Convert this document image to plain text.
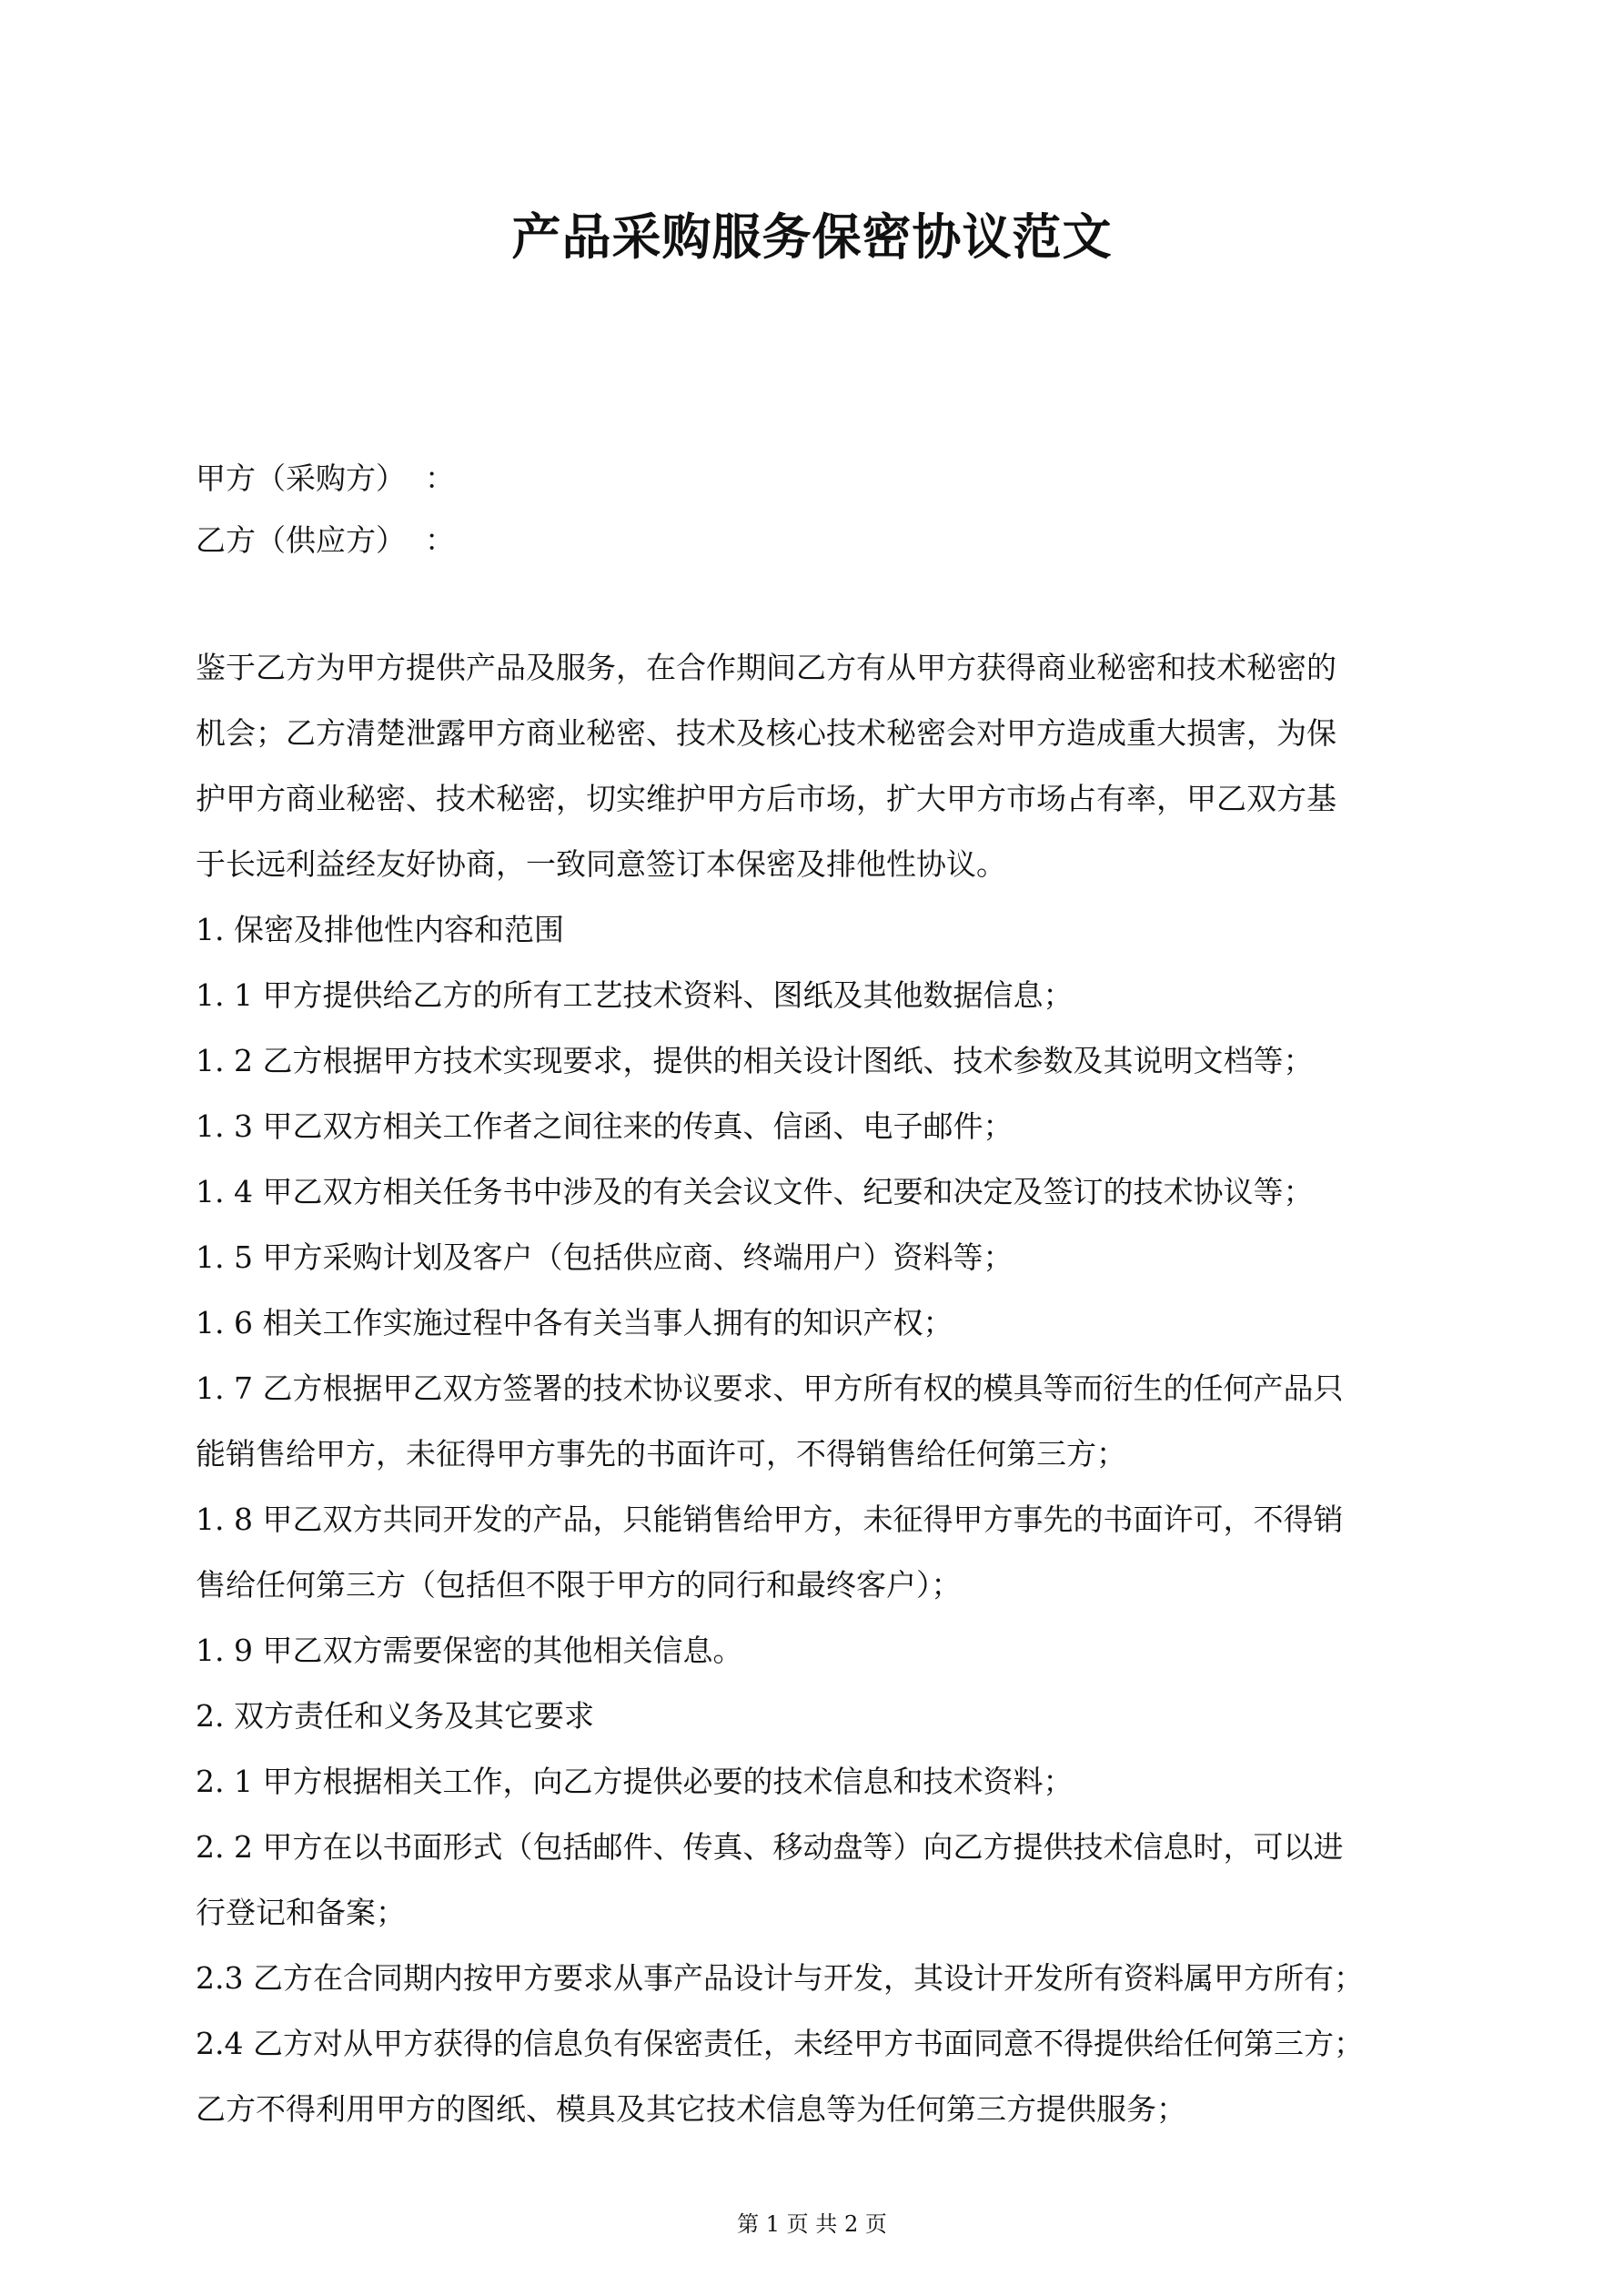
产品采购服务保密协议范文
甲方（采购方）  ：
乙方（供应方）  ：
鉴于乙方为甲方提供产品及服务，在合作期间乙方有从甲方获得商业秘密和技术秘密的
机会；乙方清楚泄露甲方商业秘密、技术及核心技术秘密会对甲方造成重大损害，为保
护甲方商业秘密、技术秘密，切实维护甲方后市场，扩大甲方市场占有率，甲乙双方基
于长远利益经友好协商，一致同意签订本保密及排他性协议。
1. 保密及排他性内容和范围
1. 1 甲方提供给乙方的所有工艺技术资料、图纸及其他数据信息；
1. 2 乙方根据甲方技术实现要求，提供的相关设计图纸、技术参数及其说明文档等；
1. 3 甲乙双方相关工作者之间往来的传真、信函、电子邮件；
1. 4 甲乙双方相关任务书中涉及的有关会议文件、纪要和决定及签订的技术协议等；
1. 5 甲方采购计划及客户（包括供应商、终端用户）资料等；
1. 6 相关工作实施过程中各有关当事人拥有的知识产权；
1. 7 乙方根据甲乙双方签署的技术协议要求、甲方所有权的模具等而衍生的任何产品只
能销售给甲方，未征得甲方事先的书面许可，不得销售给任何第三方；
1. 8 甲乙双方共同开发的产品，只能销售给甲方，未征得甲方事先的书面许可，不得销
售给任何第三方（包括但不限于甲方的同行和最终客户）；
1. 9 甲乙双方需要保密的其他相关信息。
2. 双方责任和义务及其它要求
2. 1 甲方根据相关工作，向乙方提供必要的技术信息和技术资料；
2. 2 甲方在以书面形式（包括邮件、传真、移动盘等）向乙方提供技术信息时，可以进
行登记和备案；
2.3 乙方在合同期内按甲方要求从事产品设计与开发，其设计开发所有资料属甲方所有；
2.4 乙方对从甲方获得的信息负有保密责任，未经甲方书面同意不得提供给任何第三方；
乙方不得利用甲方的图纸、模具及其它技术信息等为任何第三方提供服务；
第 1 页 共 2 页
